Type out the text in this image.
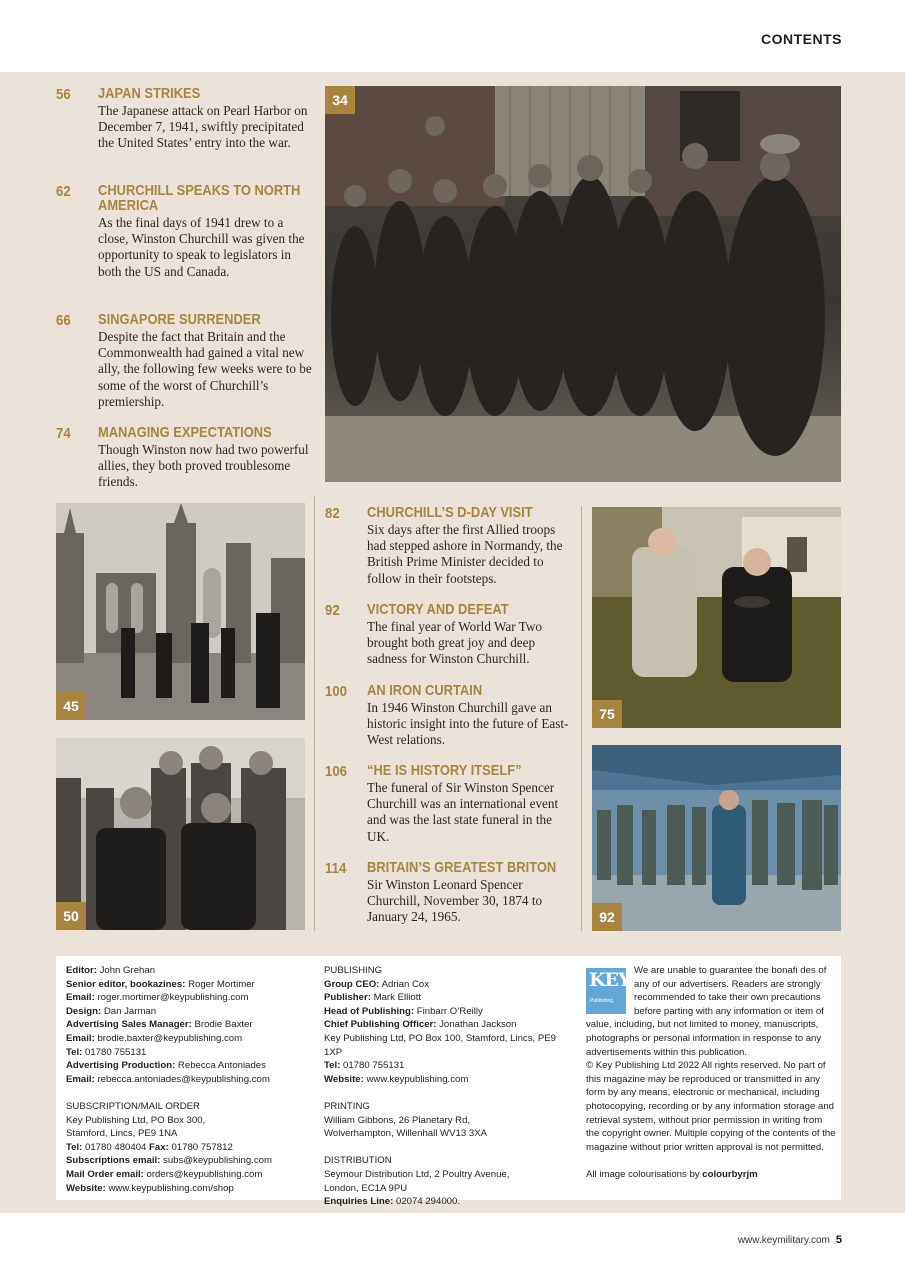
CONTENTS
56 JAPAN STRIKES
The Japanese attack on Pearl Harbor on December 7, 1941, swiftly precipitated the United States’ entry into the war.
62 CHURCHILL SPEAKS TO NORTH AMERICA
As the final days of 1941 drew to a close, Winston Churchill was given the opportunity to speak to legislators in both the US and Canada.
66 SINGAPORE SURRENDER
Despite the fact that Britain and the Commonwealth had gained a vital new ally, the following few weeks were to be some of the worst of Churchill’s premiership.
74 MANAGING EXPECTATIONS
Though Winston now had two powerful allies, they both proved troublesome friends.
82 CHURCHILL’S D-DAY VISIT
Six days after the first Allied troops had stepped ashore in Normandy, the British Prime Minister decided to follow in their footsteps.
92 VICTORY AND DEFEAT
The final year of World War Two brought both great joy and deep sadness for Winston Churchill.
100 AN IRON CURTAIN
In 1946 Winston Churchill gave an historic insight into the future of East-West relations.
106 “HE IS HISTORY ITSELF”
The funeral of Sir Winston Spencer Churchill was an international event and was the last state funeral in the UK.
114 BRITAIN’S GREATEST BRITON
Sir Winston Leonard Spencer Churchill, November 30, 1874 to January 24, 1965.
34
45
50
75
92
Editor: John Grehan
Senior editor, bookazines: Roger Mortimer
Email: roger.mortimer@keypublishing.com
Design: Dan Jarman
Advertising Sales Manager: Brodie Baxter
Email: brodie.baxter@keypublishing.com
Tel: 01780 755131
Advertising Production: Rebecca Antoniades
Email: rebecca.antoniades@keypublishing.com
SUBSCRIPTION/MAIL ORDER
Key Publishing Ltd, PO Box 300,
Stamford, Lincs, PE9 1NA
Tel: 01780 480404 Fax: 01780 757812
Subscriptions email: subs@keypublishing.com
Mail Order email: orders@keypublishing.com
Website: www.keypublishing.com/shop
PUBLISHING
Group CEO: Adrian Cox
Publisher: Mark Elliott
Head of Publishing: Finbarr O’Reilly
Chief Publishing Officer: Jonathan Jackson
Key Publishing Ltd, PO Box 100, Stamford, Lincs, PE9 1XP
Tel: 01780 755131
Website: www.keypublishing.com
PRINTING
William Gibbons, 26 Planetary Rd,
Wolverhampton, Willenhall WV13 3XA
DISTRIBUTION
Seymour Distribution Ltd, 2 Poultry Avenue,
London, EC1A 9PU
Enquiries Line: 02074 294000.
KEY
Publishing
We are unable to guarantee the bonafi des of any of our advertisers. Readers are strongly recommended to take their own precautions before parting with any information or item of value, including, but not limited to money, manuscripts, photographs or personal information in response to any advertisements within this publication.
© Key Publishing Ltd 2022 All rights reserved. No part of this magazine may be reproduced or transmitted in any form by any means, electronic or mechanical, including photocopying, recording or by any information storage and retrieval system, without prior permission in writing from the copyright owner. Multiple copying of the contents of the magazine without prior written approval is not permitted.
All image colourisations by colourbyrjm
www.keymilitary.com 5
